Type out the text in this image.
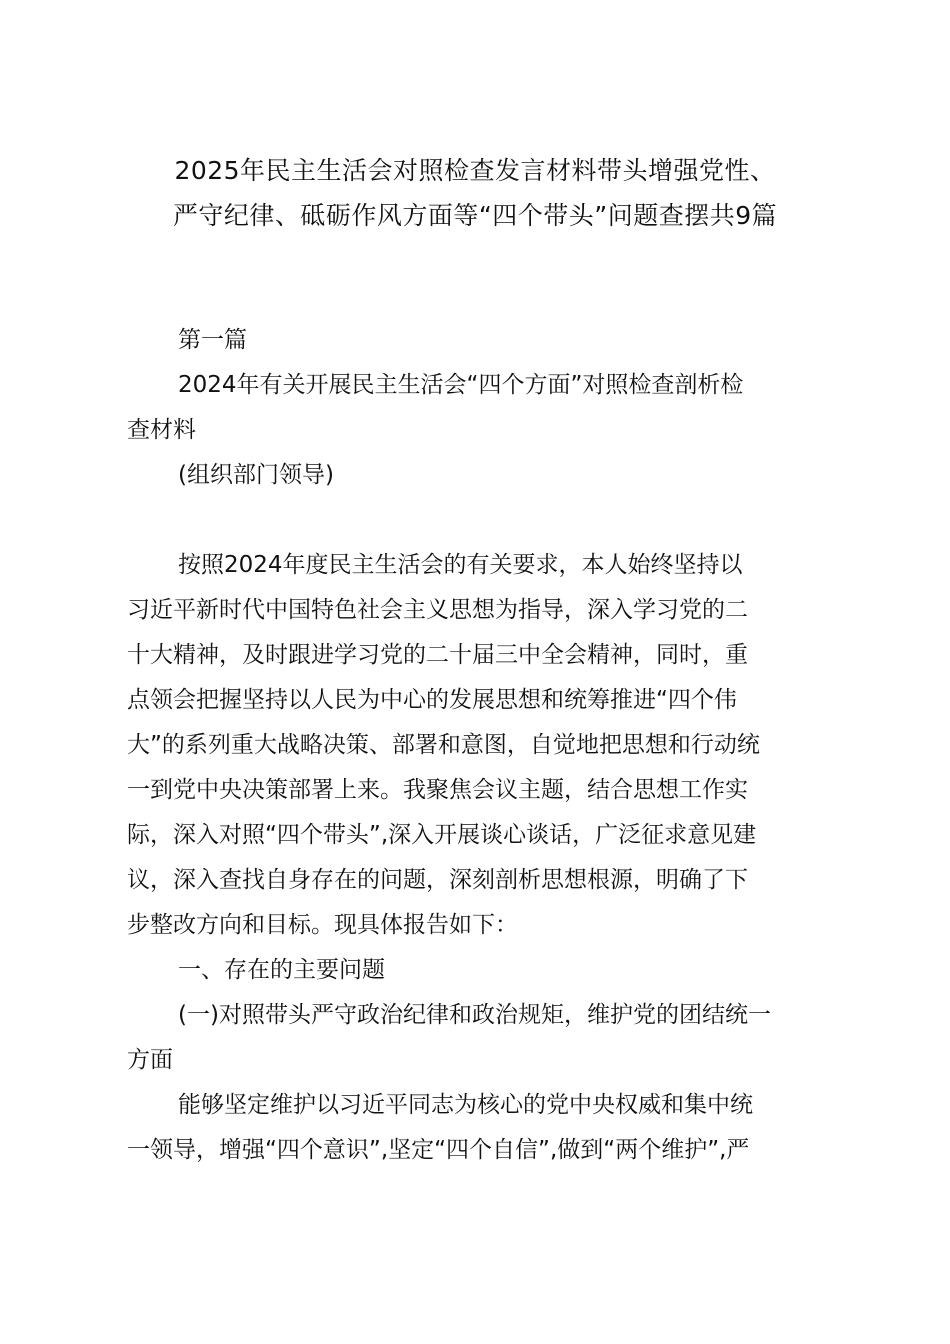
2025年民主生活会对照检查发言材料带头增强党性、
严守纪律、砥砺作风方面等“四个带头”问题查摆共9篇
第一篇
2024年有关开展民主生活会“四个方面”对照检查剖析检
查材料
(组织部门领导)
按照2024年度民主生活会的有关要求，本人始终坚持以
习近平新时代中国特色社会主义思想为指导，深入学习党的二
十大精神，及时跟进学习党的二十届三中全会精神，同时，重
点领会把握坚持以人民为中心的发展思想和统筹推进“四个伟
大”的系列重大战略决策、部署和意图，自觉地把思想和行动统
一到党中央决策部署上来。我聚焦会议主题，结合思想工作实
际，深入对照“四个带头”,深入开展谈心谈话，广泛征求意见建
议，深入查找自身存在的问题，深刻剖析思想根源，明确了下
步整改方向和目标。现具体报告如下：
一、存在的主要问题
(一)对照带头严守政治纪律和政治规矩，维护党的团结统一
方面
能够坚定维护以习近平同志为核心的党中央权威和集中统
一领导，增强“四个意识”,坚定“四个自信”,做到“两个维护”,严
